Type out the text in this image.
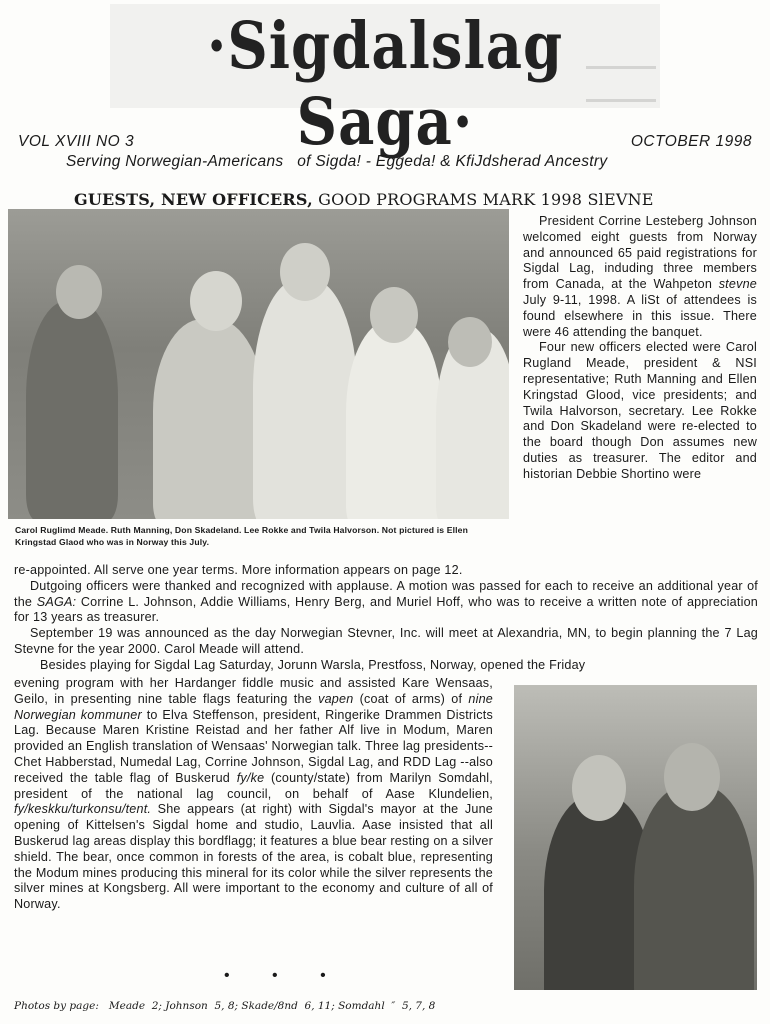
·Sigdalslag Saga·
VOL XVIII NO 3	OCTOBER 1998
Serving Norwegian-Americans   of Sigda! - Eggeda! & KfiJdsherad Ancestry
GUESTS, NEW OFFICERS, GOOD PROGRAMS MARK 1998 SlEVNE
Carol Ruglimd Meade. Ruth Manning, Don Skadeland. Lee Rokke and Twila Halvorson. Not pictured is Ellen Kringstad Glaod who was in Norway this July.

President Corrine Lesteberg Johnson welcomed eight guests from Norway and announced 65 paid registrations for Sigdal Lag, induding three members from Canada, at the Wahpeton stevne July 9-11, 1998. A liSt of attendees is found elsewhere in this issue. There were 46 attending the banquet.

Four new officers elected were Carol Rugland Meade, president & NSI representative; Ruth Manning and Ellen Kringstad Glood, vice presidents; and Twila Halvorson, secretary. Lee Rokke and Don Skadeland were re-elected to the board though Don assumes new duties as treasurer. The editor and historian Debbie Shortino were

re-appointed. All serve one year terms. More information appears on page 12.

Dutgoing officers were thanked and recognized with applause. A motion was passed for each to receive an additional year of the SAGA: Corrine L. Johnson, Addie Williams, Henry Berg, and Muriel Hoff, who was to receive a written note of appreciation for 13 years as treasurer.

September 19 was announced as the day Norwegian Stevner, Inc. will meet at Alexandria, MN, to begin planning the 7 Lag Stevne for the year 2000. Carol Meade will attend.

Besides playing for Sigdal Lag Saturday, Jorunn Warsla, Prestfoss, Norway, opened the Friday

evening program with her Hardanger fiddle music and assisted Kare Wensaas, Geilo, in presenting nine table flags featuring the vapen (coat of arms) of nine Norwegian kommuner to Elva Steffenson, president, Ringerike Drammen Districts Lag. Because Maren Kristine Reistad and her father Alf live in Modum, Maren provided an English translation of Wensaas' Norwegian talk. Three lag presidents-- Chet Habberstad, Numedal Lag, Corrine Johnson, Sigdal Lag, and RDD Lag --also received the table flag of Buskerud fy/ke (county/state) from Marilyn Somdahl, president of the national lag council, on behalf of Aase Klundelien, fy/keskku/turkonsu/tent. She appears (at right) with Sigdal's mayor at the June opening of Kittelsen's Sigdal home and studio, Lauvlia. Aase insisted that all Buskerud lag areas display this bordflagg; it features a blue bear resting on a silver shield. The bear, once common in forests of the area, is cobalt blue, representing the Modum mines producing this mineral for its color while the silver represents the silver mines at Kongsberg. All were important to the economy and culture of all of Norway.

• • •
Photos by page:   Meade  2; Johnson  5, 8; Skade/8nd  6, 11; Somdahl  ″  5, 7, 8
